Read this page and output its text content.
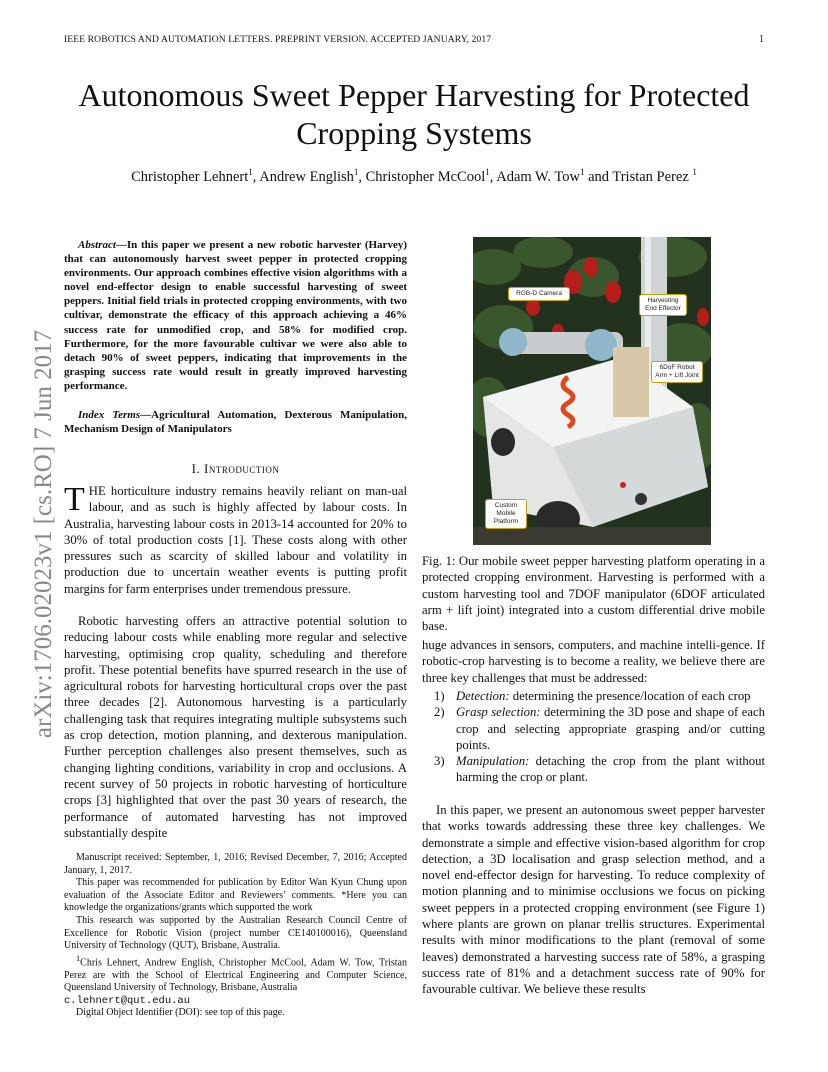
IEEE ROBOTICS AND AUTOMATION LETTERS. PREPRINT VERSION. ACCEPTED JANUARY, 2017	1
Autonomous Sweet Pepper Harvesting for Protected
Cropping Systems
Christopher Lehnert$^1$, Andrew English$^1$, Christopher McCool$^1$, Adam W. Tow$^1$ and Tristan Perez $^1$
arXiv:1706.02023v1 [cs.RO] 7 Jun 2017
Abstract—In this paper we present a new robotic harvester (Harvey) that can autonomously harvest sweet pepper in protected cropping environments. Our approach combines effective vision algorithms with a novel end-effector design to enable successful harvesting of sweet peppers. Initial field trials in protected cropping environments, with two cultivar, demonstrate the efficacy of this approach achieving a 46% success rate for unmodified crop, and 58% for modified crop. Furthermore, for the more favourable cultivar we were also able to detach 90% of sweet peppers, indicating that improvements in the grasping success rate would result in greatly improved harvesting performance.
Index Terms—Agricultural Automation, Dexterous Manipulation, Mechanism Design of Manipulators
I. Introduction
THE horticulture industry remains heavily reliant on man-ual labour, and as such is highly affected by labour costs. In Australia, harvesting labour costs in 2013-14 accounted for 20% to 30% of total production costs [1]. These costs along with other pressures such as scarcity of skilled labour and volatility in production due to uncertain weather events is putting profit margins for farm enterprises under tremendous pressure.
Robotic harvesting offers an attractive potential solution to reducing labour costs while enabling more regular and selective harvesting, optimising crop quality, scheduling and therefore profit. These potential benefits have spurred research in the use of agricultural robots for harvesting horticultural crops over the past three decades [2]. Autonomous harvesting is a particularly challenging task that requires integrating multiple subsystems such as crop detection, motion planning, and dexterous manipulation. Further perception challenges also present themselves, such as changing lighting conditions, variability in crop and occlusions. A recent survey of 50 projects in robotic harvesting of horticulture crops [3] highlighted that over the past 30 years of research, the performance of automated harvesting has not improved substantially despite

Manuscript received: September, 1, 2016; Revised December, 7, 2016; Accepted January, 1, 2017.

This paper was recommended for publication by Editor Wan Kyun Chung upon evaluation of the Associate Editor and Reviewers’ comments. *Here you can knowledge the organizations/grants which supported the work

This research was supported by the Australian Research Council Centre of Excellence for Robotic Vision (project number CE140100016), Queensland University of Technology (QUT), Brisbane, Australia.

$^1$Chris Lehnert, Andrew English, Christopher McCool, Adam W. Tow, Tristan Perez are with the School of Electrical Engineering and Computer Science, Queensland University of Technology, Brisbane, Australia
c.lehnert@qut.edu.au

Digital Object Identifier (DOI): see top of this page.

RGB-D Camera
Harvesting End Effector
6DoF Robot Arm + Lift Joint
Custom Mobile Platform
Fig. 1: Our mobile sweet pepper harvesting platform operating in a protected cropping environment. Harvesting is performed with a custom harvesting tool and 7DOF manipulator (6DOF articulated arm + lift joint) integrated into a custom differential drive mobile base.
huge advances in sensors, computers, and machine intelli-gence. If robotic-crop harvesting is to become a reality, we believe there are three key challenges that must be addressed:

1) Detection: determining the presence/location of each crop

2) Grasp selection: determining the 3D pose and shape of each crop and selecting appropriate grasping and/or cutting points.

3) Manipulation: detaching the crop from the plant without harming the crop or plant.

In this paper, we present an autonomous sweet pepper harvester that works towards addressing these three key challenges. We demonstrate a simple and effective vision-based algorithm for crop detection, a 3D localisation and grasp selection method, and a novel end-effector design for harvesting. To reduce complexity of motion planning and to minimise occlusions we focus on picking sweet peppers in a protected cropping environment (see Figure 1) where plants are grown on planar trellis structures. Experimental results with minor modifications to the plant (removal of some leaves) demonstrated a harvesting success rate of 58%, a grasping success rate of 81% and a detachment success rate of 90% for favourable cultivar. We believe these results
